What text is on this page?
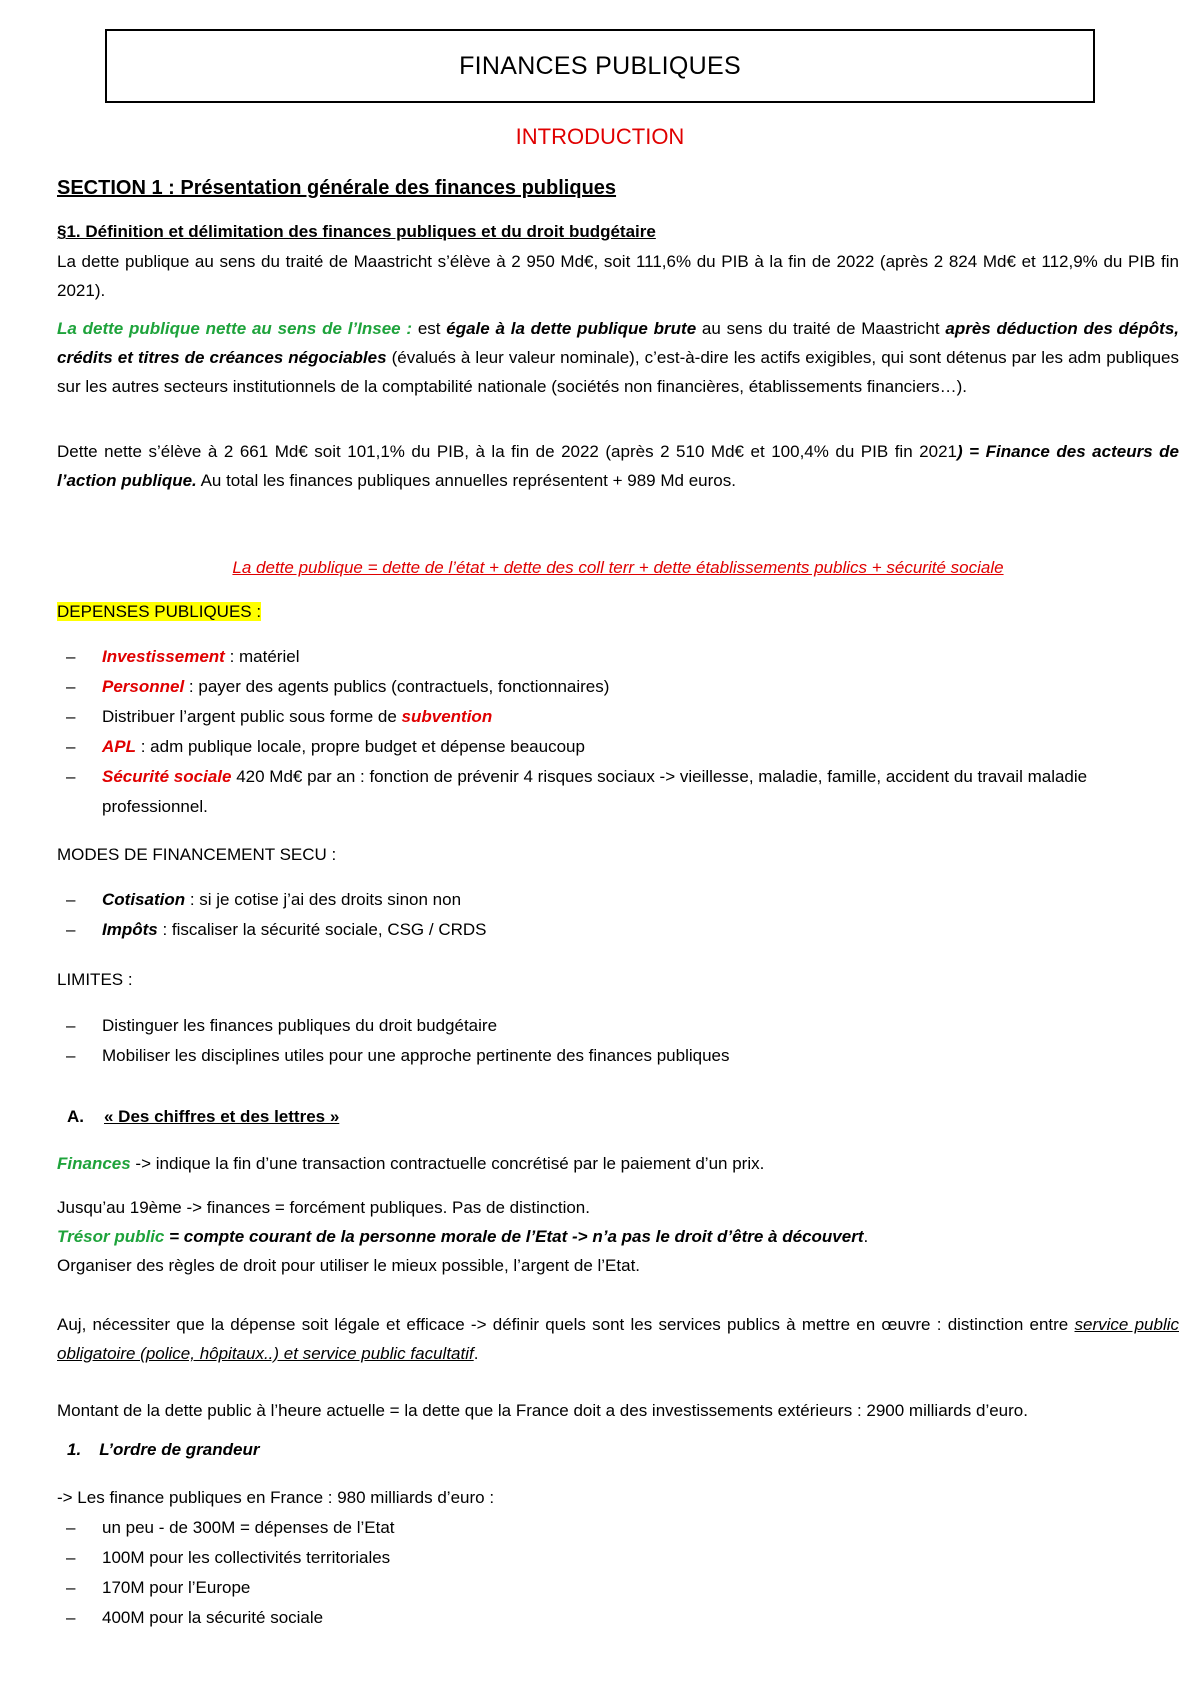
FINANCES PUBLIQUES
INTRODUCTION
SECTION 1 : Présentation générale des finances publiques
§1. Définition et délimitation des finances publiques et du droit budgétaire
La dette publique au sens du traité de Maastricht s’élève à 2 950 Md€, soit 111,6% du PIB à la fin de 2022 (après 2 824 Md€ et 112,9% du PIB fin 2021).
La dette publique nette au sens de l’Insee : est égale à la dette publique brute au sens du traité de Maastricht après déduction des dépôts, crédits et titres de créances négociables (évalués à leur valeur nominale), c’est-à-dire les actifs exigibles, qui sont détenus par les adm publiques sur les autres secteurs institutionnels de la comptabilité nationale (sociétés non financières, établissements financiers…).
Dette nette s’élève à 2 661 Md€ soit 101,1% du PIB, à la fin de 2022 (après 2 510 Md€ et 100,4% du PIB fin 2021) = Finance des acteurs de l’action publique. Au total les finances publiques annuelles représentent + 989 Md euros.
La dette publique = dette de l’état + dette des coll terr + dette établissements publics + sécurité sociale
DEPENSES PUBLIQUES :
– Investissement : matériel
– Personnel : payer des agents publics (contractuels, fonctionnaires)
– Distribuer l’argent public sous forme de subvention
– APL : adm publique locale, propre budget et dépense beaucoup
– Sécurité sociale 420 Md€ par an : fonction de prévenir 4 risques sociaux -> vieillesse, maladie, famille, accident du travail maladie professionnel.
MODES DE FINANCEMENT SECU :
– Cotisation : si je cotise j’ai des droits sinon non
– Impôts : fiscaliser la sécurité sociale, CSG / CRDS
LIMITES :
– Distinguer les finances publiques du droit budgétaire
– Mobiliser les disciplines utiles pour une approche pertinente des finances publiques
A. « Des chiffres et des lettres »
Finances -> indique la fin d’une transaction contractuelle concrétisé par le paiement d’un prix.
Jusqu’au 19ème -> finances = forcément publiques. Pas de distinction.
Trésor public = compte courant de la personne morale de l’Etat -> n’a pas le droit d’être à découvert.
Organiser des règles de droit pour utiliser le mieux possible, l’argent de l’Etat.
Auj, nécessiter que la dépense soit légale et efficace -> définir quels sont les services publics à mettre en œuvre : distinction entre service public obligatoire (police, hôpitaux..) et service public facultatif.
Montant de la dette public à l’heure actuelle = la dette que la France doit a des investissements extérieurs : 2900 milliards d’euro.
1. L’ordre de grandeur
-> Les finance publiques en France : 980 milliards d’euro :
– un peu - de 300M = dépenses de l’Etat
– 100M pour les collectivités territoriales
– 170M pour l’Europe
– 400M pour la sécurité sociale
